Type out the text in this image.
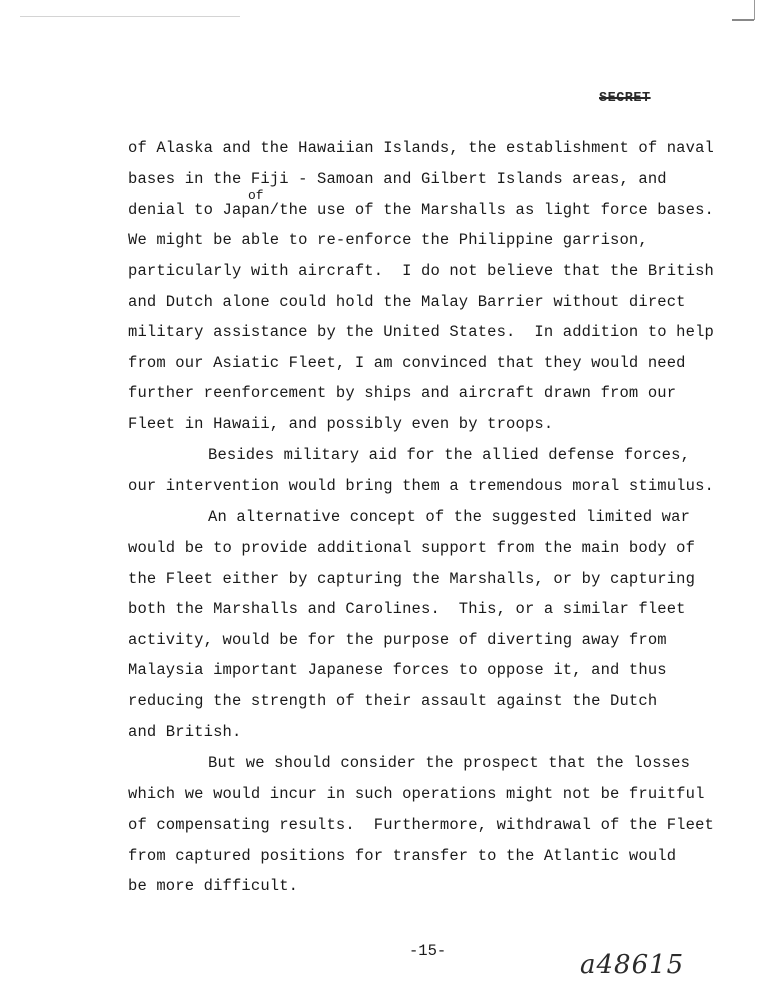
SECRET
of
of Alaska and the Hawaiian Islands, the establishment of naval
bases in the Fiji - Samoan and Gilbert Islands areas, and
denial to Japan/the use of the Marshalls as light force bases.
We might be able to re-enforce the Philippine garrison,
particularly with aircraft.  I do not believe that the British
and Dutch alone could hold the Malay Barrier without direct
military assistance by the United States.  In addition to help
from our Asiatic Fleet, I am convinced that they would need
further reenforcement by ships and aircraft drawn from our
Fleet in Hawaii, and possibly even by troops.
Besides military aid for the allied defense forces,
our intervention would bring them a tremendous moral stimulus.
An alternative concept of the suggested limited war
would be to provide additional support from the main body of
the Fleet either by capturing the Marshalls, or by capturing
both the Marshalls and Carolines.  This, or a similar fleet
activity, would be for the purpose of diverting away from
Malaysia important Japanese forces to oppose it, and thus
reducing the strength of their assault against the Dutch
and British.
But we should consider the prospect that the losses
which we would incur in such operations might not be fruitful
of compensating results.  Furthermore, withdrawal of the Fleet
from captured positions for transfer to the Atlantic would
be more difficult.
-15-	a48615
